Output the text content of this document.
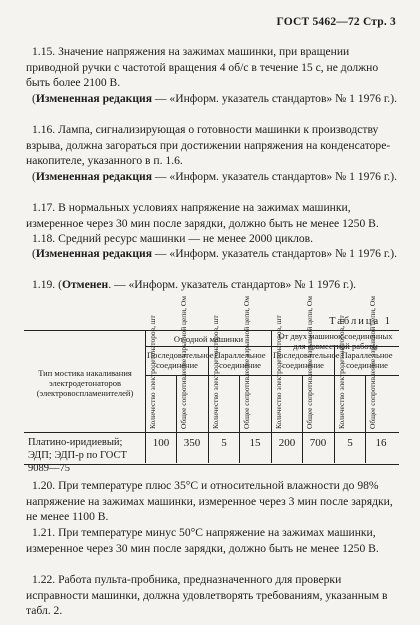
ГОСТ 5462—72 Стр. 3
1.15. Значение напряжения на зажимах машинки, при вращении приводной ручки с частотой вращения 4 об/с в течение 15 с, не должно быть более 2100 В.
(Измененная редакция — «Информ. указатель стандартов» № 1 1976 г.).
1.16. Лампа, сигнализирующая о готовности машинки к производству взрыва, должна загораться при достижении напряжения на конденсаторе-накопителе, указанного в п. 1.6.
(Измененная редакция — «Информ. указатель стандартов» № 1 1976 г.).
1.17. В нормальных условиях напряжение на зажимах машинки, измеренное через 30 мин после зарядки, должно быть не менее 1250 В.
1.18. Средний ресурс машинки — не менее 2000 циклов.
(Измененная редакция — «Информ. указатель стандартов» № 1 1976 г.).
1.19. (Отменен. — «Информ. указатель стандартов» № 1 1976 г.).
Таблица 1
Тип мостика накаливания электродетонаторов (электровоспламенителей)
От одной машинки	От двух машинок соединенных для совместной работы
Последовательное соединение
Параллельное соединение
Последовательное соединение
Параллельное соединение
Количество электродетонаторов, шт	Общее сопротивление взрывной цепи, Ом	Количество электродетонаторов, шт	Общее сопротивление взрывной цепи, Ом	Количество электродетонаторов, шт	Общее сопротивление взрывной цепи, Ом	Количество электродетонаторов, шт	Общее сопротивление взрывной цепи, Ом
Платино-иридиевый; ЭДП; ЭДП-р по ГОСТ 9089—75
100	350	5	15	200	700	5	16
1.20. При температуре плюс 35°С и относительной влажности до 98% напряжение на зажимах машинки, измеренное через 3 мин после зарядки, не менее 1100 В.
1.21. При температуре минус 50°С напряжение на зажимах машинки, измеренное через 30 мин после зарядки, должно быть не менее 1250 В.
1.22. Работа пульта-пробника, предназначенного для проверки исправности машинки, должна удовлетворять требованиям, указанным в табл. 2.
